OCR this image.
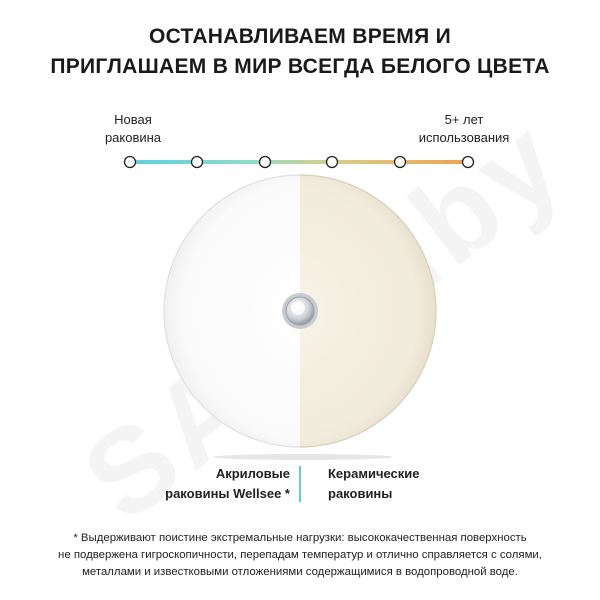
ОСТАНАВЛИВАЕМ ВРЕМЯ И
ПРИГЛАШАЕМ В МИР ВСЕГДА БЕЛОГО ЦВЕТА
Новая
раковина
5+ лет
использования
Акриловые
раковины Wellsee *
Керамические
раковины
* Выдерживают поистине экстремальные нагрузки: высококачественная поверхность
не подвержена гигроскопичности, перепадам температур и отлично справляется с солями,
металлами и известковыми отложениями содержащимися в водопроводной воде.
